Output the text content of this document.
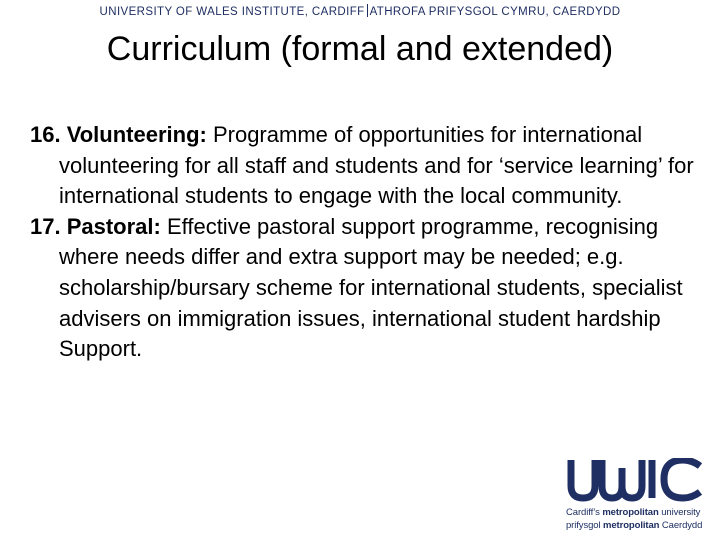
UNIVERSITY OF WALES INSTITUTE, CARDIFF ATHROFA PRIFYSGOL CYMRU, CAERDYDD
Curriculum (formal and extended)

16. Volunteering: Programme of opportunities for international volunteering for all staff and students and for ‘service learning’ for international students to engage with the local community.

17. Pastoral: Effective pastoral support programme, recognising where needs differ and extra support may be needed; e.g. scholarship/bursary scheme for international students, specialist advisers on immigration issues, international student hardship Support.

Cardiff’s metropolitan university
prifysgol metropolitan Caerdydd
